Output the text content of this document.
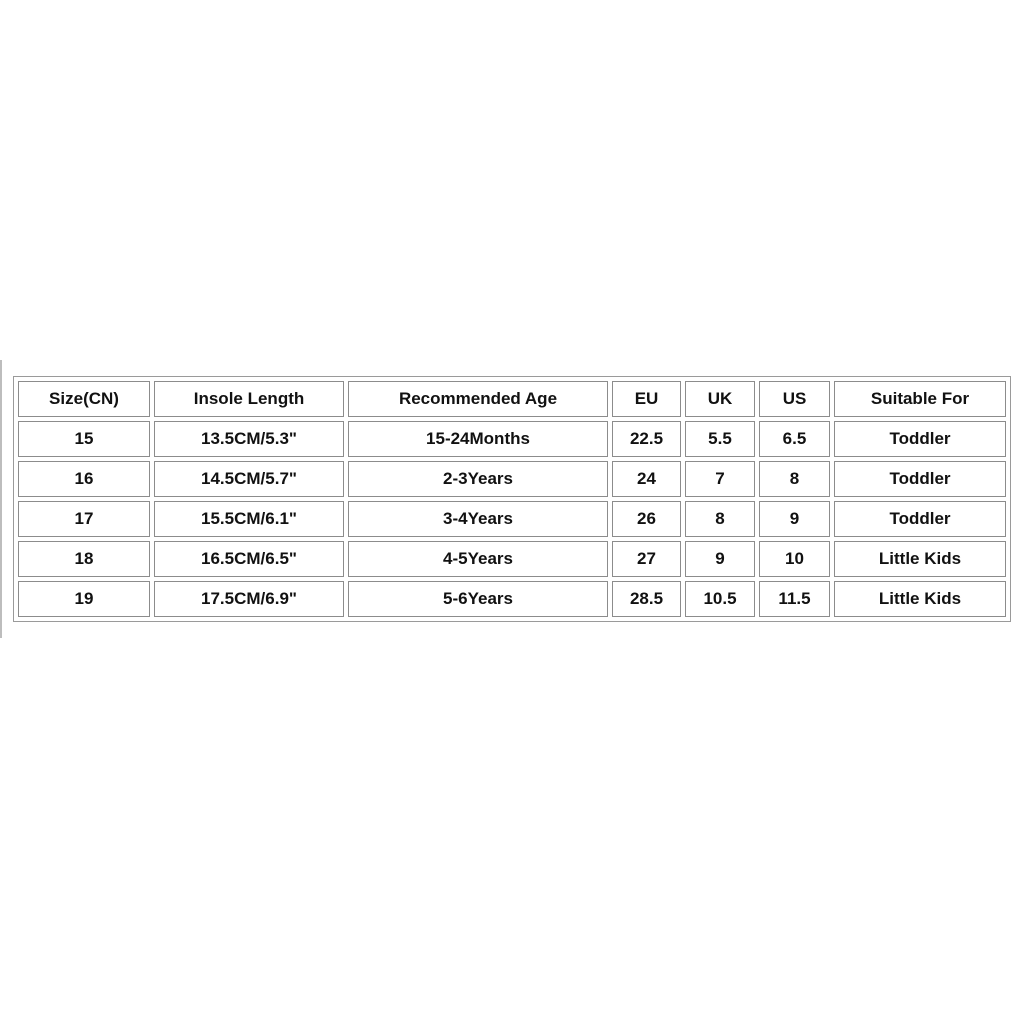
Size(CN)	Insole Length	Recommended Age	EU	UK	US	Suitable For
15	13.5CM/5.3"	15-24Months	22.5	5.5	6.5	Toddler
16	14.5CM/5.7"	2-3Years	24	7	8	Toddler
17	15.5CM/6.1"	3-4Years	26	8	9	Toddler
18	16.5CM/6.5"	4-5Years	27	9	10	Little Kids
19	17.5CM/6.9"	5-6Years	28.5	10.5	11.5	Little Kids
